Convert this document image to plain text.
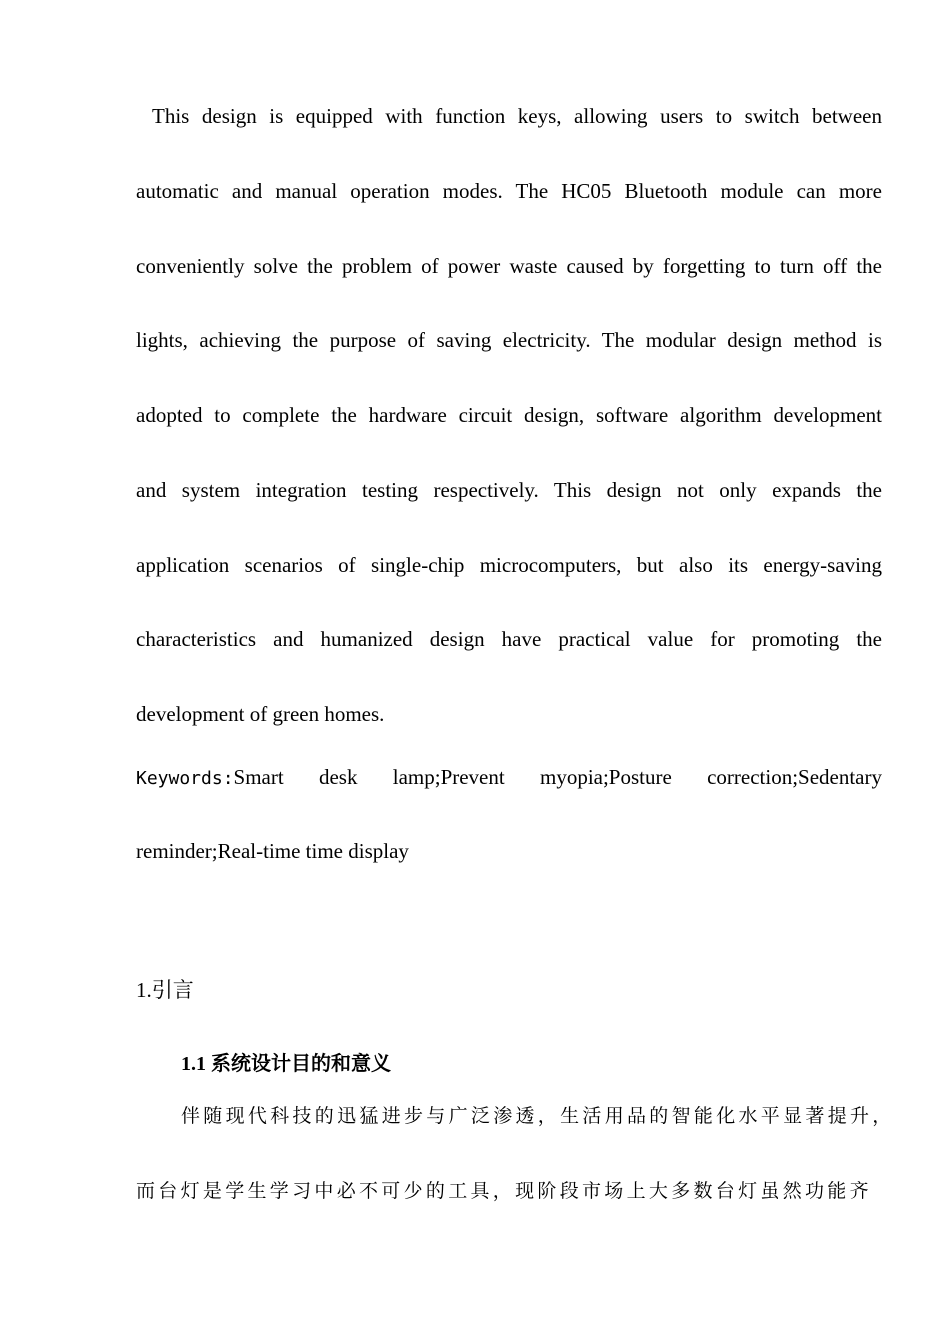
This design is equipped with function keys, allowing users to switch between
automatic and manual operation modes. The HC05 Bluetooth module can more
conveniently solve the problem of power waste caused by forgetting to turn off the
lights, achieving the purpose of saving electricity. The modular design method is
adopted to complete the hardware circuit design, software algorithm development
and system integration testing respectively. This design not only expands the
application scenarios of single-chip microcomputers, but also its energy-saving
characteristics and humanized design have practical value for promoting the
development of green homes.
Keywords:Smart desk lamp;Prevent myopia;Posture correction;Sedentary
reminder;Real-time time display
1.引言
1.1 系统设计目的和意义
伴随现代科技的迅猛进步与广泛渗透，生活用品的智能化水平显著提升，
而台灯是学生学习中必不可少的工具，现阶段市场上大多数台灯虽然功能齐
